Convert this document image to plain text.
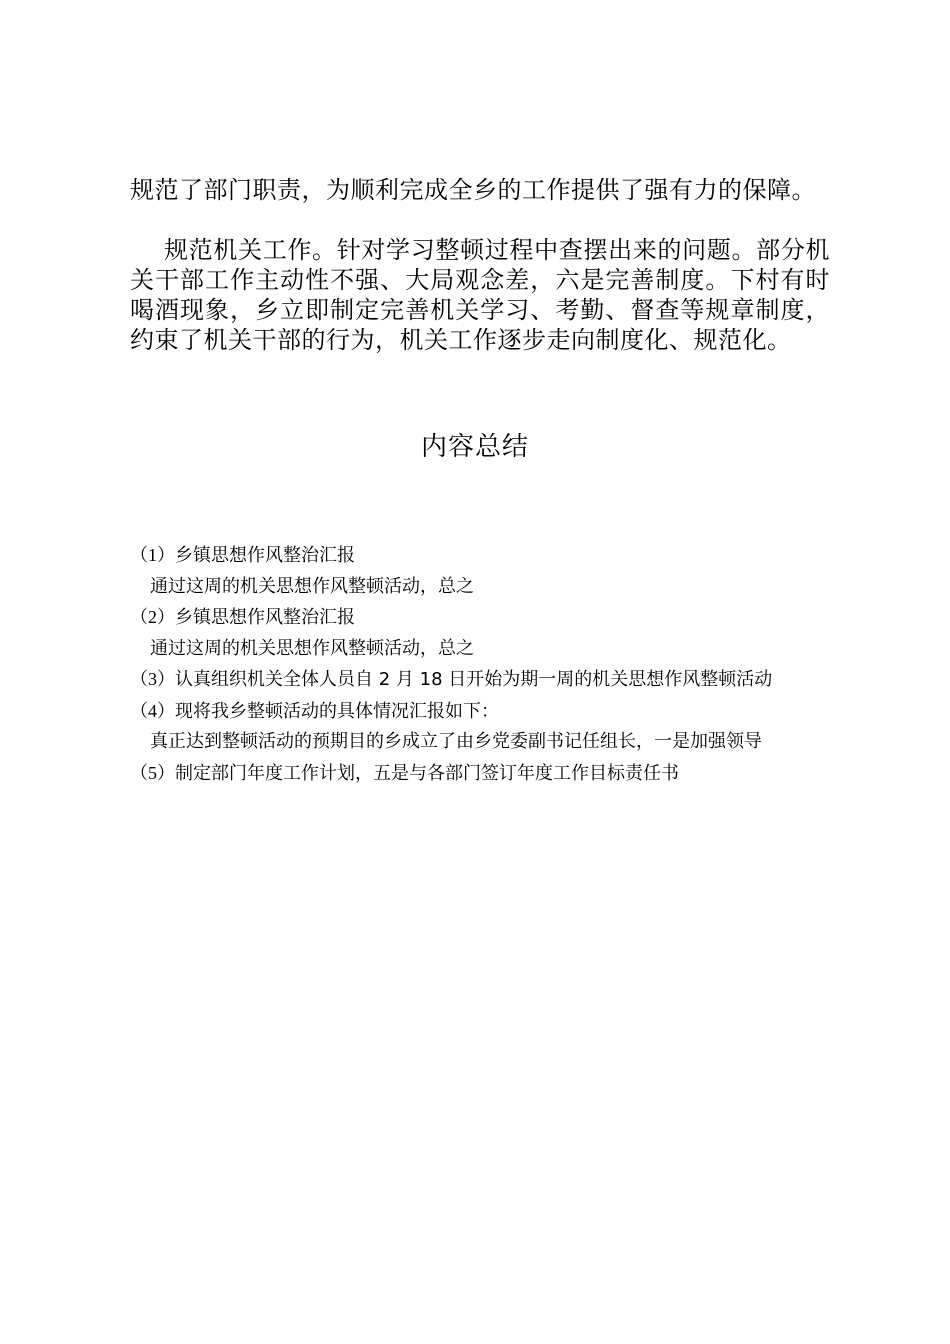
规范了部门职责，为顺利完成全乡的工作提供了强有力的保障。

规范机关工作。针对学习整顿过程中查摆出来的问题。部分机关干部工作主动性不强、大局观念差，六是完善制度。下村有时喝酒现象，乡立即制定完善机关学习、考勤、督查等规章制度，约束了机关干部的行为，机关工作逐步走向制度化、规范化。

内容总结
（1）乡镇思想作风整治汇报
通过这周的机关思想作风整顿活动，总之
（2）乡镇思想作风整治汇报
通过这周的机关思想作风整顿活动，总之
（3）认真组织机关全体人员自 2 月 18 日开始为期一周的机关思想作风整顿活动
（4）现将我乡整顿活动的具体情况汇报如下：
真正达到整顿活动的预期目的乡成立了由乡党委副书记任组长，一是加强领导
（5）制定部门年度工作计划，五是与各部门签订年度工作目标责任书
